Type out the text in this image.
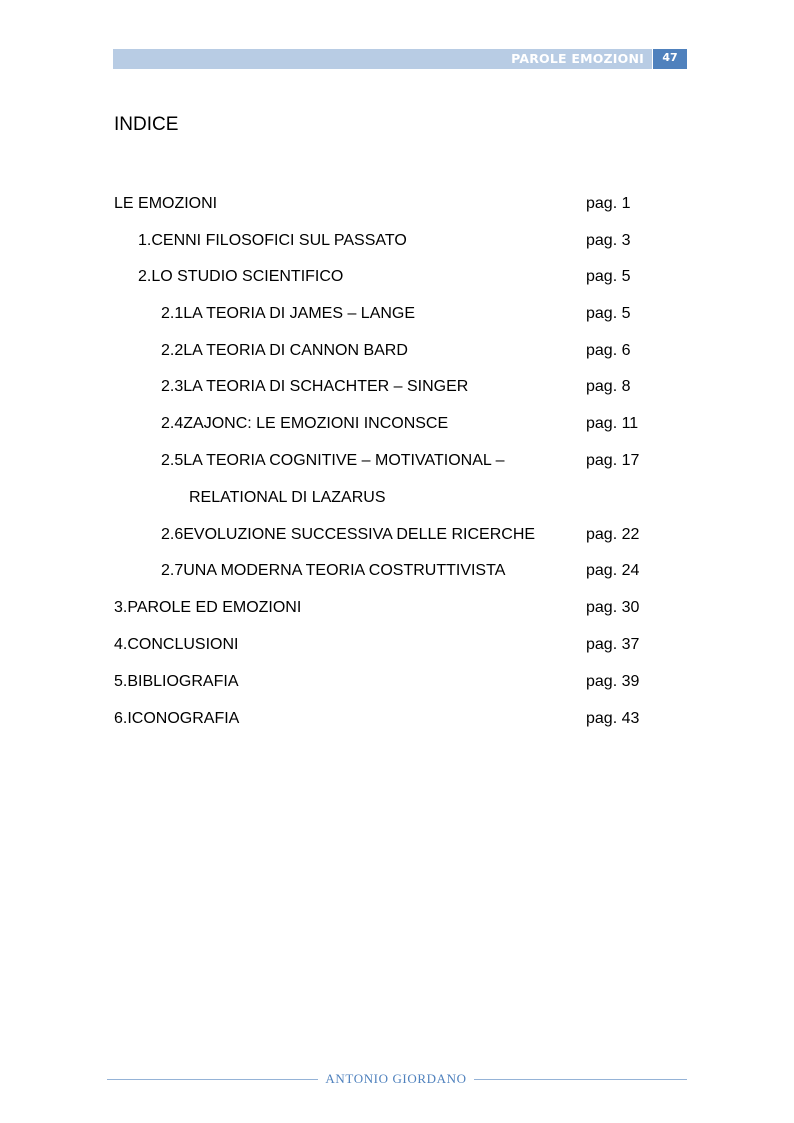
PAROLE EMOZIONI	47
INDICE
LE EMOZIONI	pag. 1
1.CENNI FILOSOFICI SUL PASSATO	pag. 3
2.LO STUDIO SCIENTIFICO	pag. 5
2.1LA TEORIA DI JAMES – LANGE	pag. 5
2.2LA TEORIA DI CANNON BARD	pag. 6
2.3LA TEORIA DI SCHACHTER – SINGER	pag. 8
2.4ZAJONC: LE EMOZIONI INCONSCE	pag. 11
2.5LA TEORIA COGNITIVE – MOTIVATIONAL –	pag. 17
RELATIONAL DI LAZARUS
2.6EVOLUZIONE SUCCESSIVA DELLE RICERCHE	pag. 22
2.7UNA MODERNA TEORIA COSTRUTTIVISTA	pag. 24
3.PAROLE ED EMOZIONI	pag. 30
4.CONCLUSIONI	pag. 37
5.BIBLIOGRAFIA	pag. 39
6.ICONOGRAFIA	pag. 43
ANTONIO GIORDANO
